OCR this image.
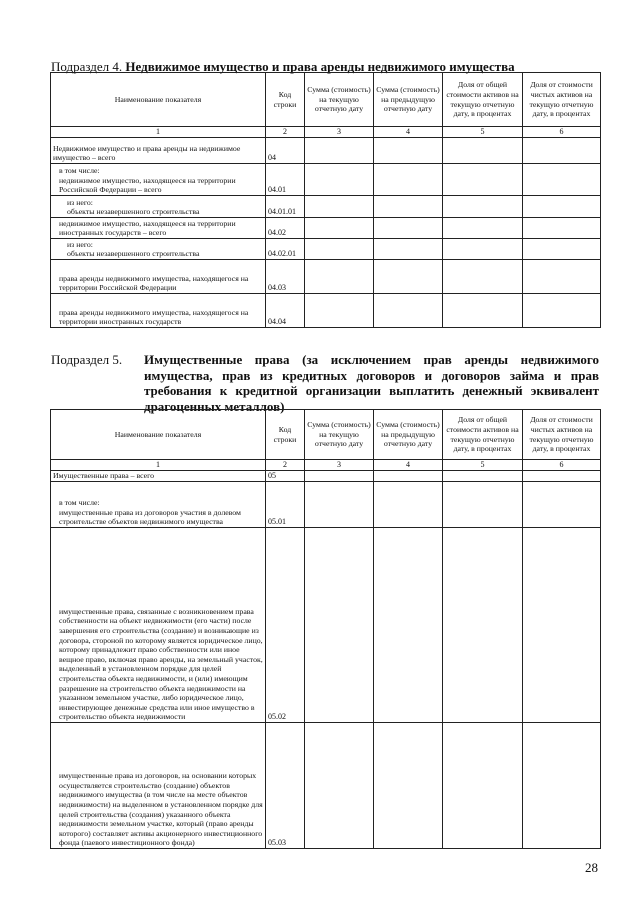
Подраздел 4. Недвижимое имущество и права аренды недвижимого имущества
Наименование показателя	Код строки	Сумма (стоимость) на текущую отчетную дату	Сумма (стоимость) на предыдущую отчетную дату	Доля от общей стоимости активов на текущую отчетную дату, в процентах	Доля от стоимости чистых активов на текущую отчетную дату, в процентах
1	2	3	4	5	6
Недвижимое имущество и права аренды на недвижимое имущество – всего	04				
в том числе:
недвижимое имущество, находящееся на территории Российской Федерации – всего	04.01				
из него:
объекты незавершенного строительства	04.01.01				
недвижимое имущество, находящееся на территории иностранных государств – всего	04.02				
из него:
объекты незавершенного строительства	04.02.01				
права аренды недвижимого имущества, находящегося на территории Российской Федерации	04.03				
права аренды недвижимого имущества, находящегося на территории иностранных государств	04.04				
Подраздел 5. Имущественные права (за исключением прав аренды недвижимого имущества, прав из кредитных договоров и договоров займа и прав требования к кредитной организации выплатить денежный эквивалент драгоценных металлов)
Наименование показателя	Код строки	Сумма (стоимость) на текущую отчетную дату	Сумма (стоимость) на предыдущую отчетную дату	Доля от общей стоимости активов на текущую отчетную дату, в процентах	Доля от стоимости чистых активов на текущую отчетную дату, в процентах
1	2	3	4	5	6
Имущественные права – всего	05				
в том числе:
имущественные права из договоров участия в долевом строительстве объектов недвижимого имущества	05.01				
имущественные права, связанные с возникновением права собственности на объект недвижимости (его части) после завершения его строительства (создание) и возникающие из договора, стороной по которому является юридическое лицо, которому принадлежит право собственности или иное вещное право, включая право аренды, на земельный участок, выделенный в установленном порядке для целей строительства объекта недвижимости, и (или) имеющим разрешение на строительство объекта недвижимости на указанном земельном участке, либо юридическое лицо, инвестирующее денежные средства или иное имущество в строительство объекта недвижимости	05.02				
имущественные права из договоров, на основании которых осуществляется строительство (создание) объектов недвижимого имущества (в том числе на месте объектов недвижимости) на выделенном в установленном порядке для целей строительства (создания) указанного объекта недвижимости земельном участке, который (право аренды которого) составляет активы акционерного инвестиционного фонда (паевого инвестиционного фонда)	05.03				
28
